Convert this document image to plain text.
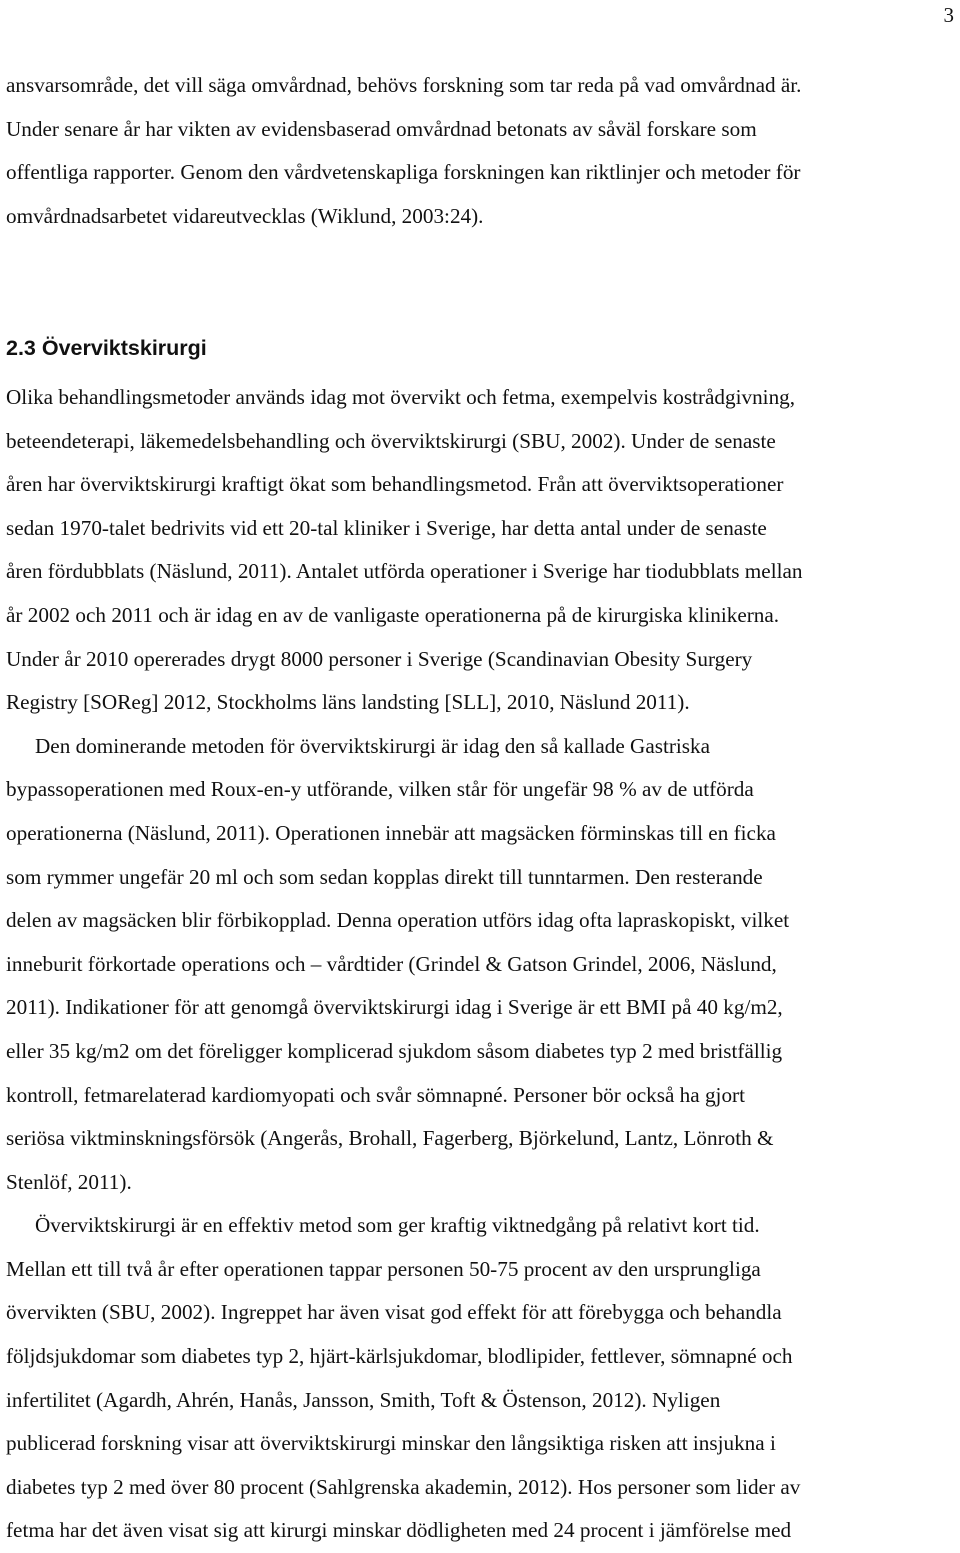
3
ansvarsområde, det vill säga omvårdnad, behövs forskning som tar reda på vad omvårdnad är.
Under senare år har vikten av evidensbaserad omvårdnad betonats av såväl forskare som
offentliga rapporter. Genom den vårdvetenskapliga forskningen kan riktlinjer och metoder för
omvårdnadsarbetet vidareutvecklas (Wiklund, 2003:24).
2.3 Överviktskirurgi
Olika behandlingsmetoder används idag mot övervikt och fetma, exempelvis kostrådgivning,
beteendeterapi, läkemedelsbehandling och överviktskirurgi (SBU, 2002). Under de senaste
åren har överviktskirurgi kraftigt ökat som behandlingsmetod. Från att överviktsoperationer
sedan 1970-talet bedrivits vid ett 20-tal kliniker i Sverige, har detta antal under de senaste
åren fördubblats (Näslund, 2011). Antalet utförda operationer i Sverige har tiodubblats mellan
år 2002 och 2011 och är idag en av de vanligaste operationerna på de kirurgiska klinikerna.
Under år 2010 opererades drygt 8000 personer i Sverige (Scandinavian Obesity Surgery
Registry [SOReg] 2012, Stockholms läns landsting [SLL], 2010, Näslund 2011).
Den dominerande metoden för överviktskirurgi är idag den så kallade Gastriska
bypassoperationen med Roux-en-y utförande, vilken står för ungefär 98 % av de utförda
operationerna (Näslund, 2011). Operationen innebär att magsäcken förminskas till en ficka
som rymmer ungefär 20 ml och som sedan kopplas direkt till tunntarmen. Den resterande
delen av magsäcken blir förbikopplad. Denna operation utförs idag ofta lapraskopiskt, vilket
inneburit förkortade operations och – vårdtider (Grindel & Gatson Grindel, 2006, Näslund,
2011). Indikationer för att genomgå överviktskirurgi idag i Sverige är ett BMI på 40 kg/m2,
eller 35 kg/m2 om det föreligger komplicerad sjukdom såsom diabetes typ 2 med bristfällig
kontroll, fetmarelaterad kardiomyopati och svår sömnapné. Personer bör också ha gjort
seriösa viktminskningsförsök (Angerås, Brohall, Fagerberg, Björkelund, Lantz, Lönroth &
Stenlöf, 2011).
Överviktskirurgi är en effektiv metod som ger kraftig viktnedgång på relativt kort tid.
Mellan ett till två år efter operationen tappar personen 50-75 procent av den ursprungliga
övervikten (SBU, 2002). Ingreppet har även visat god effekt för att förebygga och behandla
följdsjukdomar som diabetes typ 2, hjärt-kärlsjukdomar, blodlipider, fettlever, sömnapné och
infertilitet (Agardh, Ahrén, Hanås, Jansson, Smith, Toft & Östenson, 2012). Nyligen
publicerad forskning visar att överviktskirurgi minskar den långsiktiga risken att insjukna i
diabetes typ 2 med över 80 procent (Sahlgrenska akademin, 2012). Hos personer som lider av
fetma har det även visat sig att kirurgi minskar dödligheten med 24 procent i jämförelse med
